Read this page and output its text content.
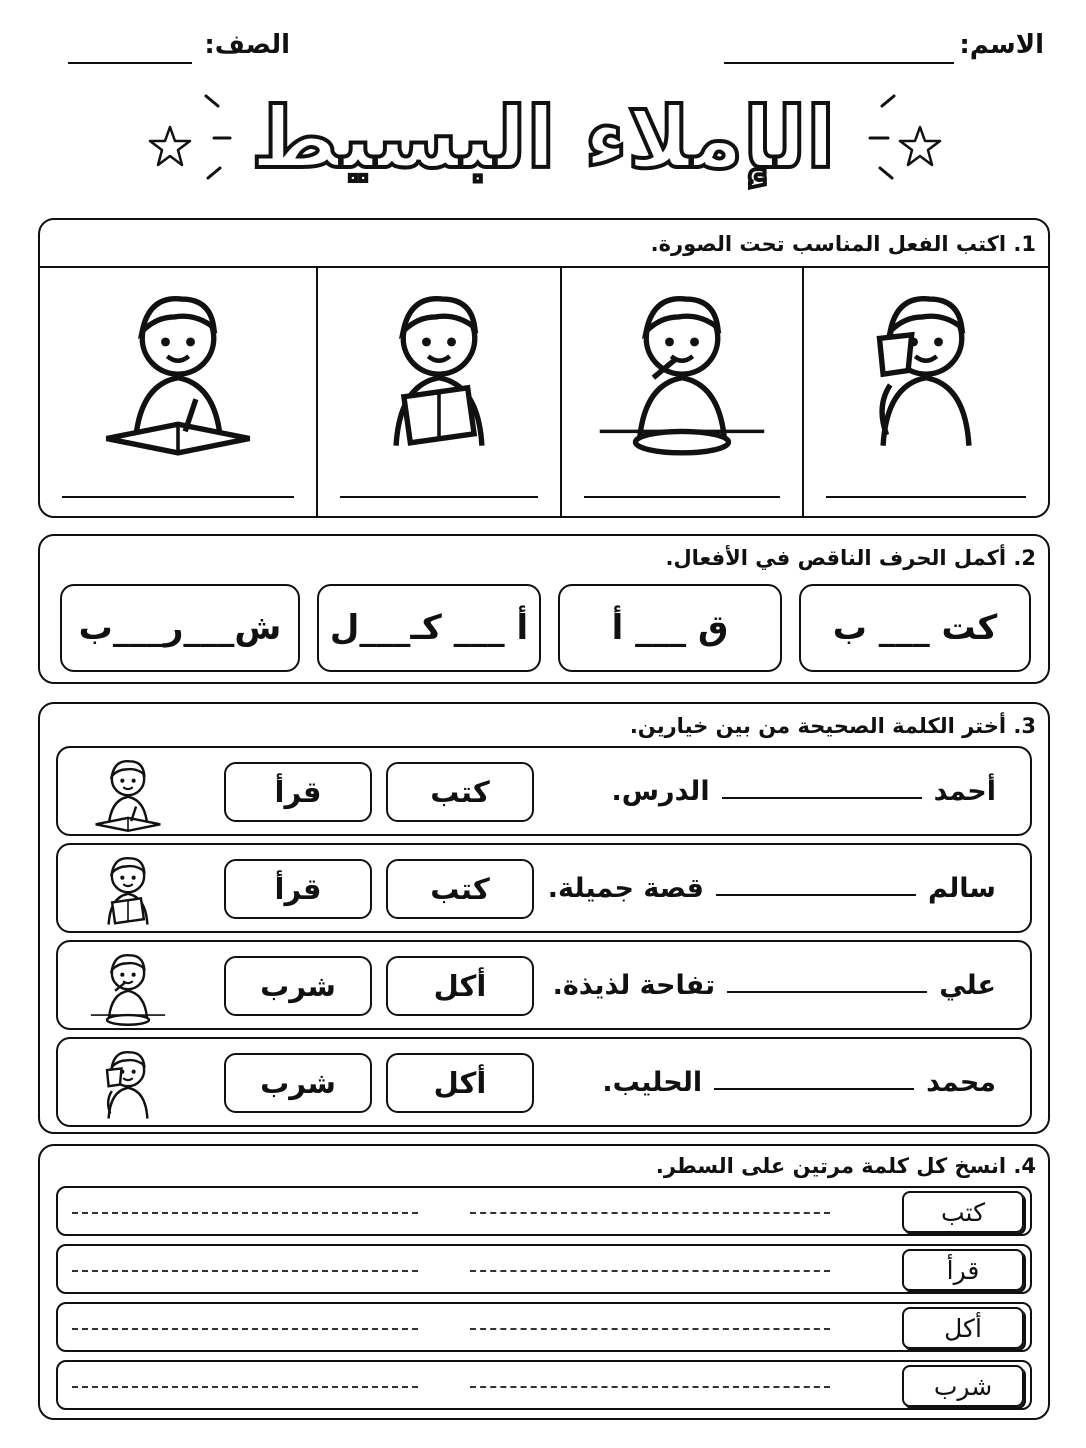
الاسم:
الصف:
الإملاء البسيط
1. اكتب الفعل المناسب تحت الصورة.
2. أكمل الحرف الناقص في الأفعال.
كت ___ ب
ق ___ أ
أ ___ كـ___ل
ش___ر___ب
3. أختر الكلمة الصحيحة من بين خيارين.
أحمد
الدرس.
كتب
قرأ
سالم
قصة جميلة.
كتب
قرأ
علي
تفاحة لذيذة.
أكل
شرب
محمد
الحليب.
أكل
شرب
4. انسخ كل كلمة مرتين على السطر.
كتب
قرأ
أكل
شرب
